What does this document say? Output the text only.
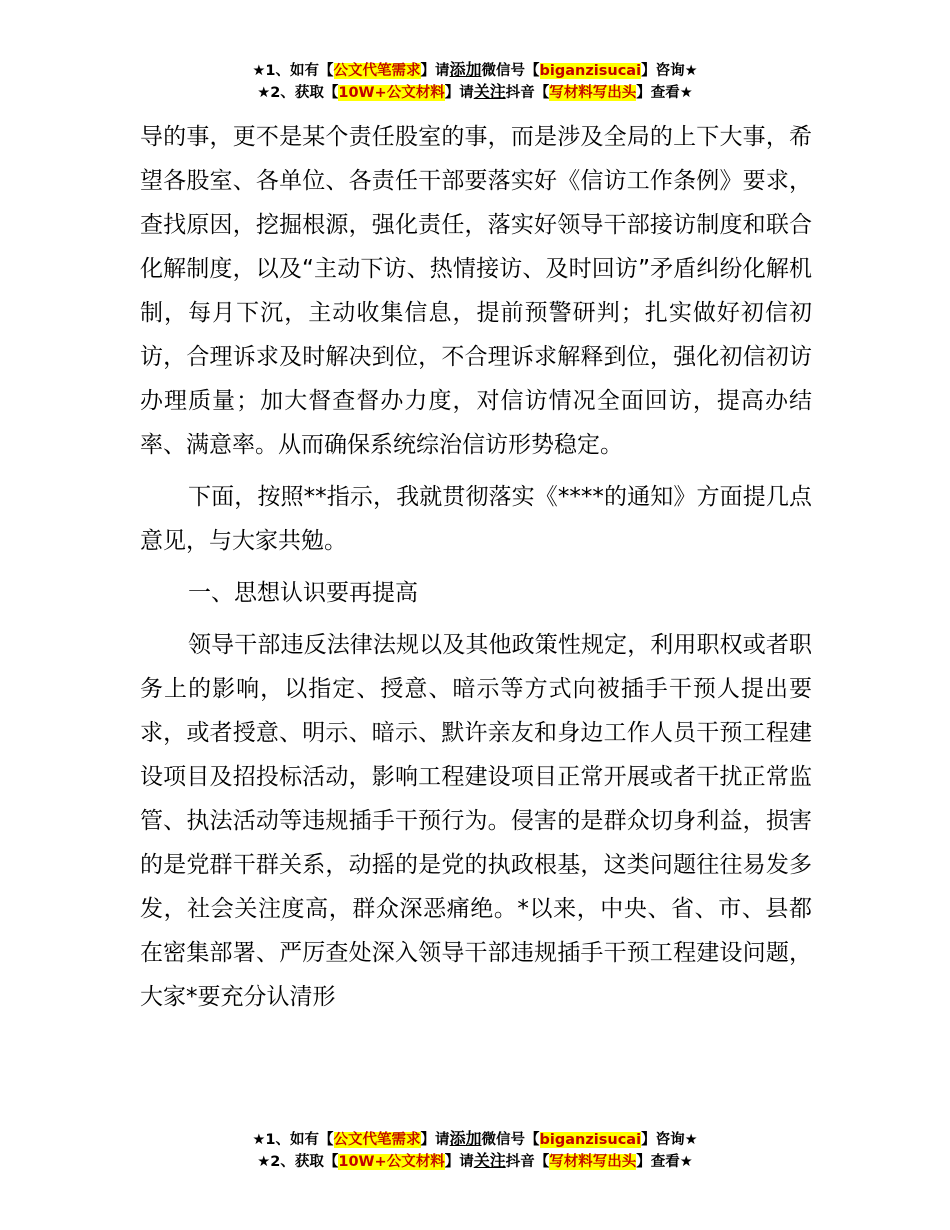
★1、如有【公文代笔需求】请添加微信号【biganzisucai】咨询★
★2、获取【10W+公文材料】请关注抖音【写材料写出头】查看★

导的事，更不是某个责任股室的事，而是涉及全局的上下大事，希望各股室、各单位、各责任干部要落实好《信访工作条例》要求，查找原因，挖掘根源，强化责任，落实好领导干部接访制度和联合化解制度，以及“主动下访、热情接访、及时回访”矛盾纠纷化解机制，每月下沉，主动收集信息，提前预警研判；扎实做好初信初访，合理诉求及时解决到位，不合理诉求解释到位，强化初信初访办理质量；加大督查督办力度，对信访情况全面回访，提高办结率、满意率。从而确保系统综治信访形势稳定。

下面，按照**指示，我就贯彻落实《****的通知》方面提几点意见，与大家共勉。

一、思想认识要再提高

领导干部违反法律法规以及其他政策性规定，利用职权或者职务上的影响，以指定、授意、暗示等方式向被插手干预人提出要求，或者授意、明示、暗示、默许亲友和身边工作人员干预工程建设项目及招投标活动，影响工程建设项目正常开展或者干扰正常监管、执法活动等违规插手干预行为。侵害的是群众切身利益，损害的是党群干群关系，动摇的是党的执政根基，这类问题往往易发多发，社会关注度高，群众深恶痛绝。*以来，中央、省、市、县都在密集部署、严厉查处深入领导干部违规插手干预工程建设问题，大家*要充分认清形

★1、如有【公文代笔需求】请添加微信号【biganzisucai】咨询★
★2、获取【10W+公文材料】请关注抖音【写材料写出头】查看★
